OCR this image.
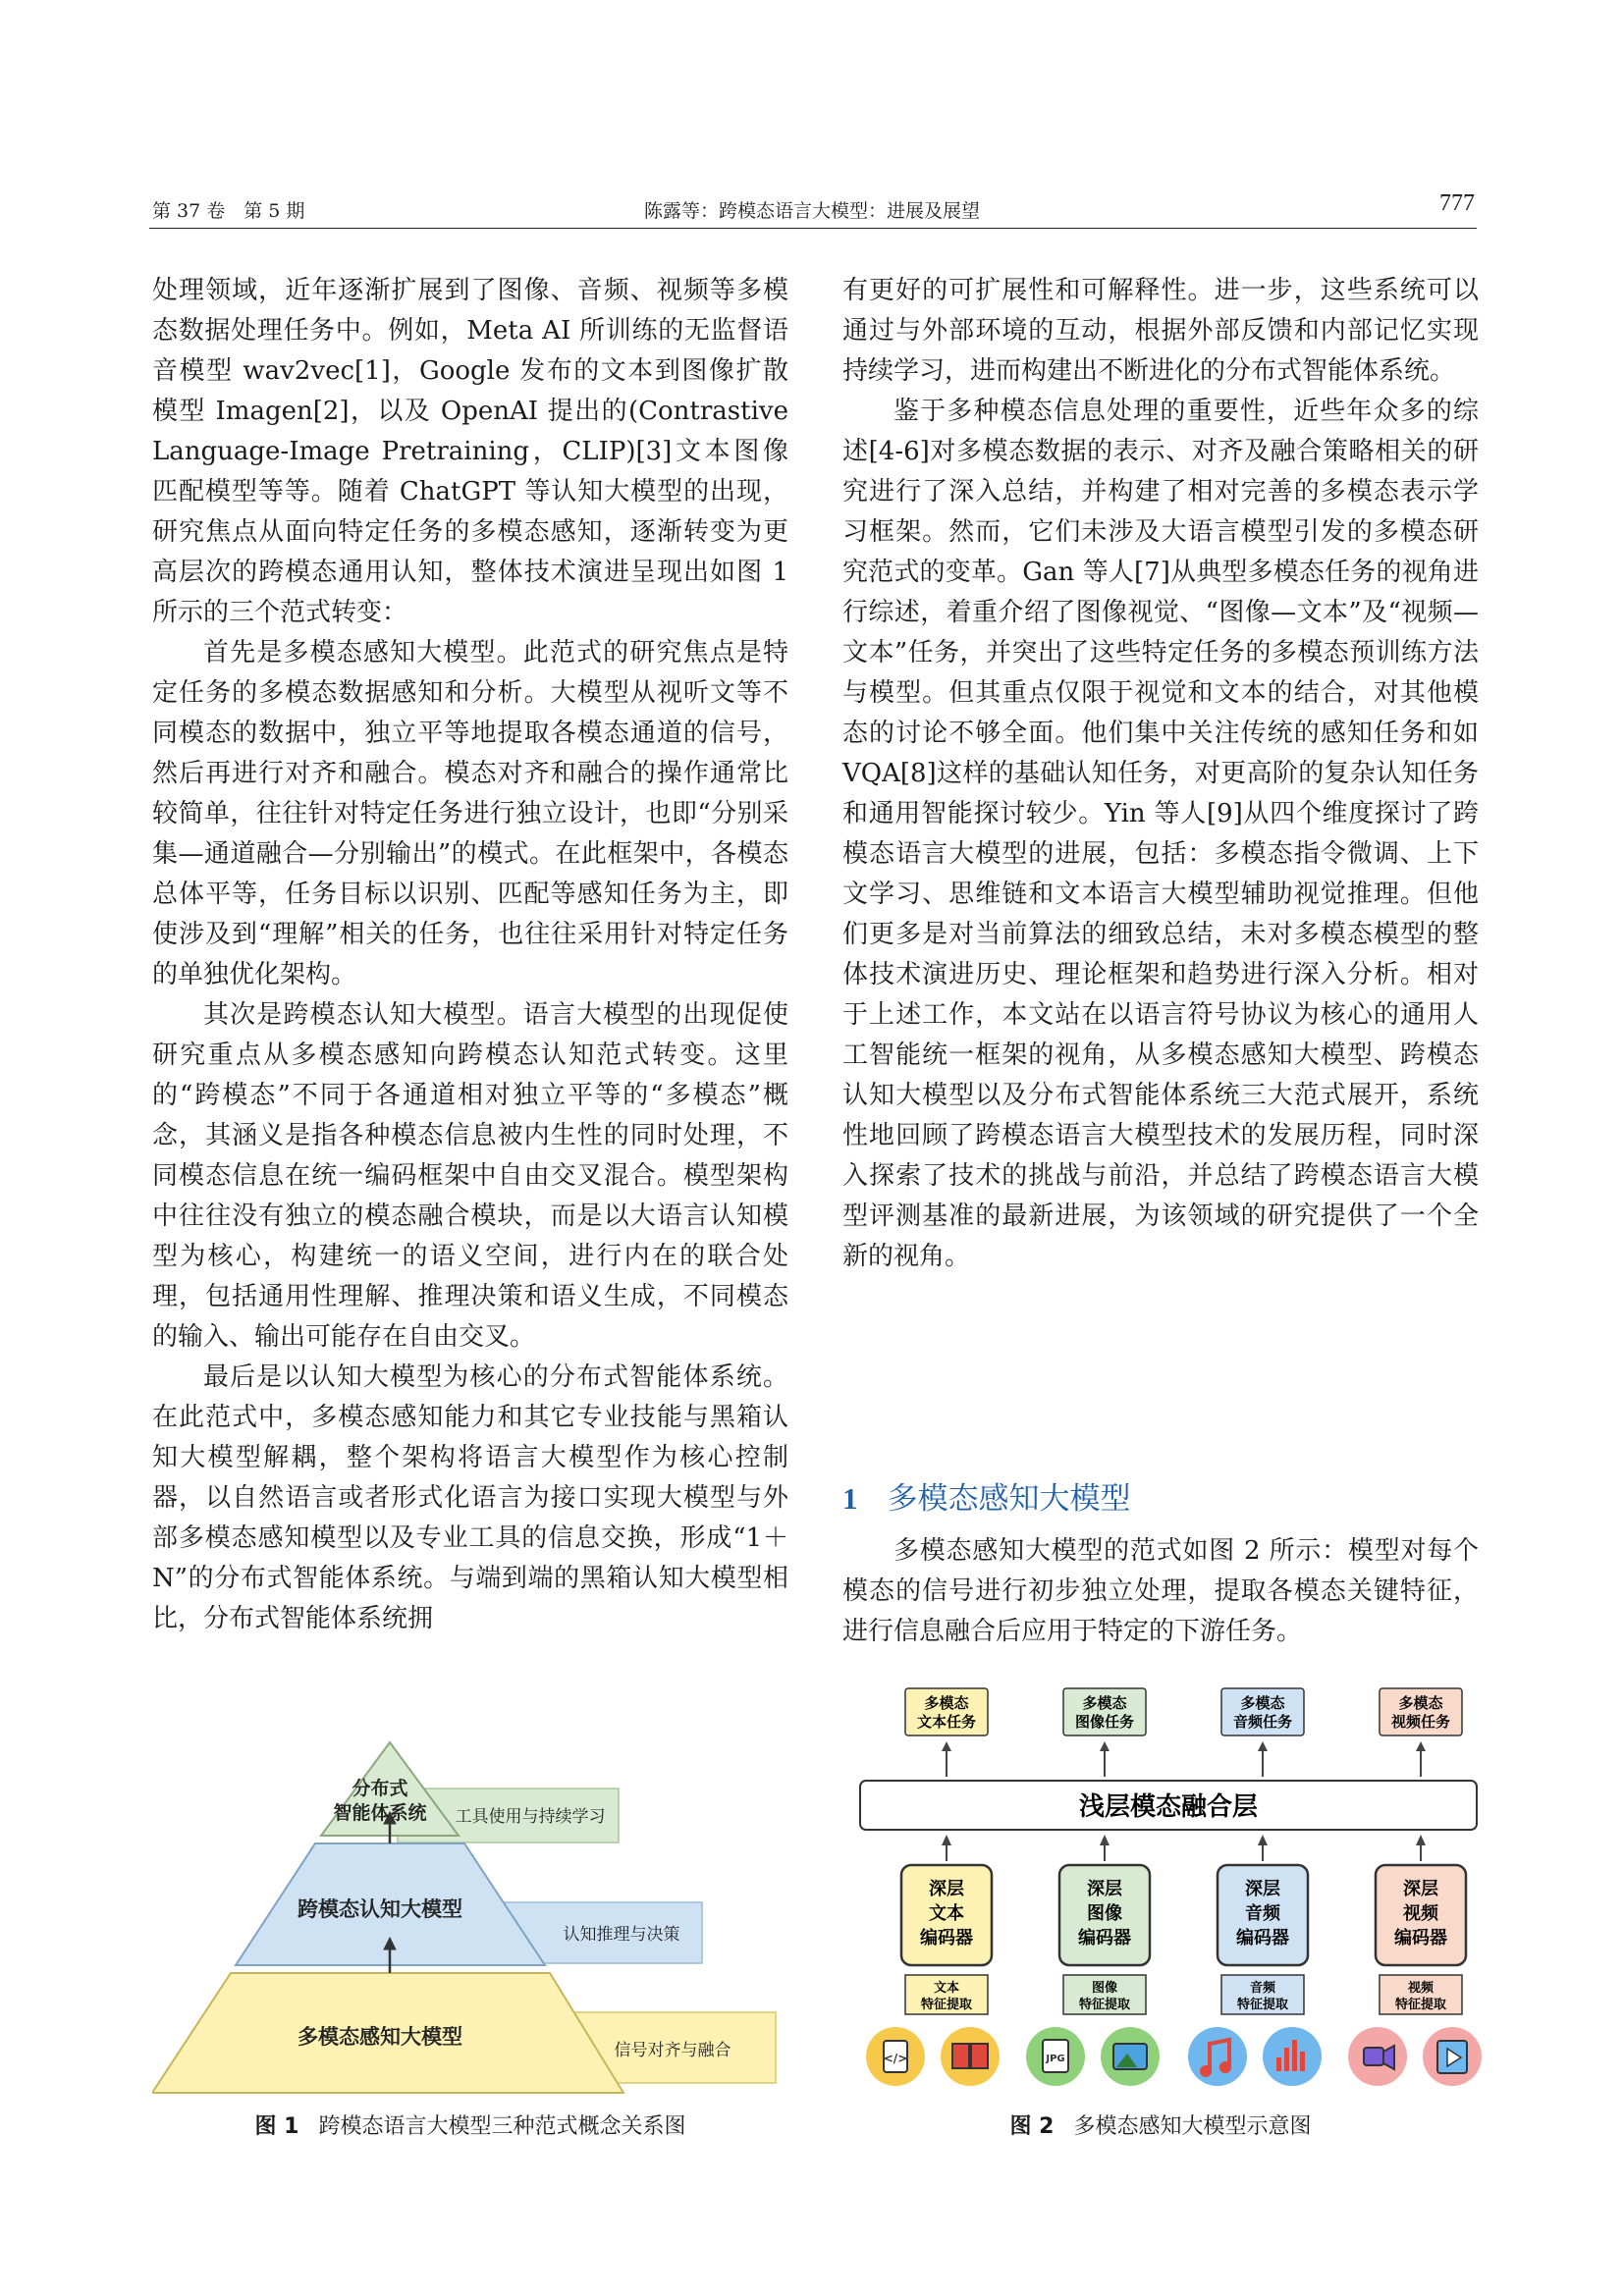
第 37 卷　第 5 期	陈露等：跨模态语言大模型：进展及展望	777

处理领域，近年逐渐扩展到了图像、音频、视频等多模态数据处理任务中。例如，Meta AI 所训练的无监督语音模型 wav2vec[1]，Google 发布的文本到图像扩散模型 Imagen[2]，以及 OpenAI 提出的(Contrastive Language-Image Pretraining，CLIP)[3]文本图像匹配模型等等。随着 ChatGPT 等认知大模型的出现，研究焦点从面向特定任务的多模态感知，逐渐转变为更高层次的跨模态通用认知，整体技术演进呈现出如图 1 所示的三个范式转变：

首先是多模态感知大模型。此范式的研究焦点是特定任务的多模态数据感知和分析。大模型从视听文等不同模态的数据中，独立平等地提取各模态通道的信号，然后再进行对齐和融合。模态对齐和融合的操作通常比较简单，往往针对特定任务进行独立设计，也即“分别采集—通道融合—分别输出”的模式。在此框架中，各模态总体平等，任务目标以识别、匹配等感知任务为主，即使涉及到“理解”相关的任务，也往往采用针对特定任务的单独优化架构。

其次是跨模态认知大模型。语言大模型的出现促使研究重点从多模态感知向跨模态认知范式转变。这里的“跨模态”不同于各通道相对独立平等的“多模态”概念，其涵义是指各种模态信息被内生性的同时处理，不同模态信息在统一编码框架中自由交叉混合。模型架构中往往没有独立的模态融合模块，而是以大语言认知模型为核心，构建统一的语义空间，进行内在的联合处理，包括通用性理解、推理决策和语义生成，不同模态的输入、输出可能存在自由交叉。

最后是以认知大模型为核心的分布式智能体系统。在此范式中，多模态感知能力和其它专业技能与黑箱认知大模型解耦，整个架构将语言大模型作为核心控制器，以自然语言或者形式化语言为接口实现大模型与外部多模态感知模型以及专业工具的信息交换，形成“1＋N”的分布式智能体系统。与端到端的黑箱认知大模型相比，分布式智能体系统拥

有更好的可扩展性和可解释性。进一步，这些系统可以通过与外部环境的互动，根据外部反馈和内部记忆实现持续学习，进而构建出不断进化的分布式智能体系统。

鉴于多种模态信息处理的重要性，近些年众多的综述[4-6]对多模态数据的表示、对齐及融合策略相关的研究进行了深入总结，并构建了相对完善的多模态表示学习框架。然而，它们未涉及大语言模型引发的多模态研究范式的变革。Gan 等人[7]从典型多模态任务的视角进行综述，着重介绍了图像视觉、“图像—文本”及“视频—文本”任务，并突出了这些特定任务的多模态预训练方法与模型。但其重点仅限于视觉和文本的结合，对其他模态的讨论不够全面。他们集中关注传统的感知任务和如 VQA[8]这样的基础认知任务，对更高阶的复杂认知任务和通用智能探讨较少。Yin 等人[9]从四个维度探讨了跨模态语言大模型的进展，包括：多模态指令微调、上下文学习、思维链和文本语言大模型辅助视觉推理。但他们更多是对当前算法的细致总结，未对多模态模型的整体技术演进历史、理论框架和趋势进行深入分析。相对于上述工作，本文站在以语言符号协议为核心的通用人工智能统一框架的视角，从多模态感知大模型、跨模态认知大模型以及分布式智能体系统三大范式展开，系统性地回顾了跨模态语言大模型技术的发展历程，同时深入探索了技术的挑战与前沿，并总结了跨模态语言大模型评测基准的最新进展，为该领域的研究提供了一个全新的视角。

1 多模态感知大模型

多模态感知大模型的范式如图 2 所示：模型对每个模态的信号进行初步独立处理，提取各模态关键特征，进行信息融合后应用于特定的下游任务。

分布式
智能体系统 工具使用与持续学习
跨模态认知大模型
认知推理与决策
多模态感知大模型
信号对齐与融合
多模态
文本任务
多模态
图像任务
多模态
音频任务
多模态
视频任务
浅层模态融合层
深层
文本
编码器
深层
图像
编码器
深层
音频
编码器
深层
视频
编码器
文本
特征提取
图像
特征提取
音频
特征提取
视频
特征提取
</>	JPG
图 1 跨模态语言大模型三种范式概念关系图	图 2 多模态感知大模型示意图
